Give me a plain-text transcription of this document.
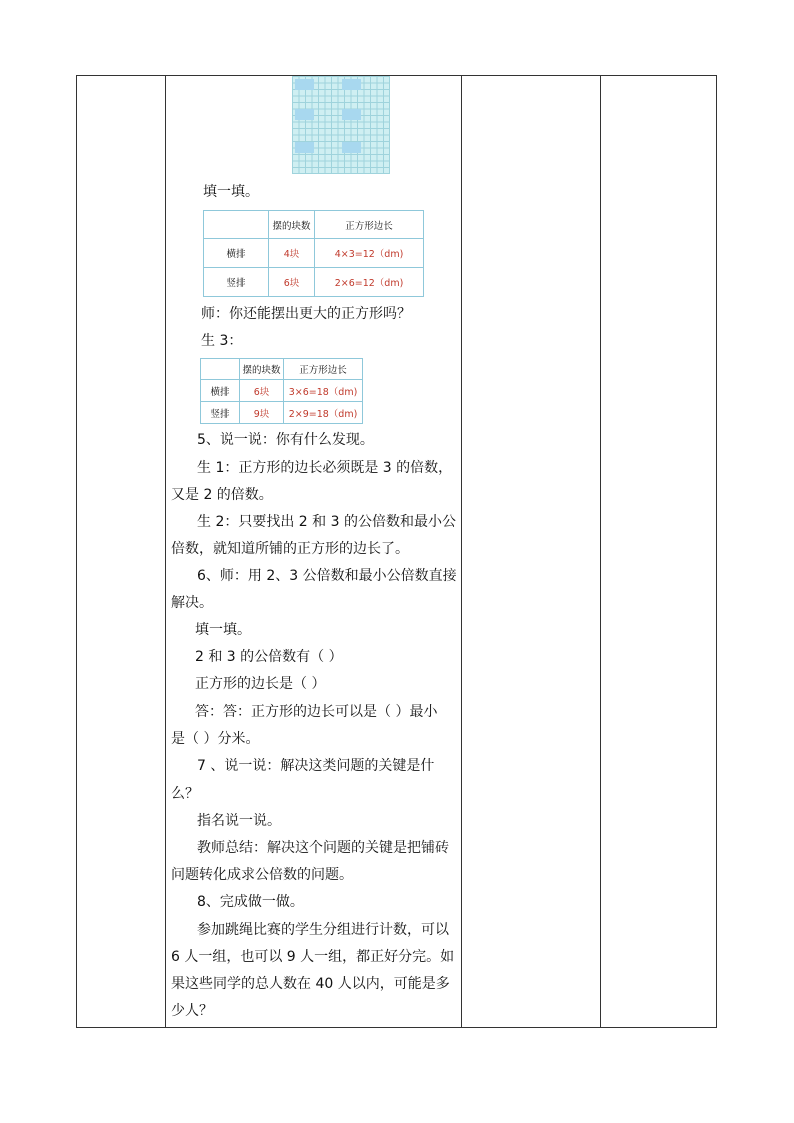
填一填。
	摆的块数	正方形边长
横排	4块	4×3=12（dm)
竖排	6块	2×6=12（dm)
师：你还能摆出更大的正方形吗？
生 3：
	摆的块数	正方形边长
横排	6块	3×6=18（dm)
竖排	9块	2×9=18（dm)
5、说一说：你有什么发现。
生 1：正方形的边长必须既是 3 的倍数，
又是 2 的倍数。
生 2：只要找出 2 和 3 的公倍数和最小公
倍数，就知道所铺的正方形的边长了。
6、师：用 2、3 公倍数和最小公倍数直接
解决。
填一填。
2 和 3 的公倍数有（ ）
正方形的边长是（ ）
答：答：正方形的边长可以是（ ）最小
是（ ）分米。
7 、说一说：解决这类问题的关键是什
么？
指名说一说。
教师总结：解决这个问题的关键是把铺砖
问题转化成求公倍数的问题。
8、完成做一做。
参加跳绳比赛的学生分组进行计数，可以
6 人一组，也可以 9 人一组，都正好分完。如
果这些同学的总人数在 40 人以内，可能是多
少人？
